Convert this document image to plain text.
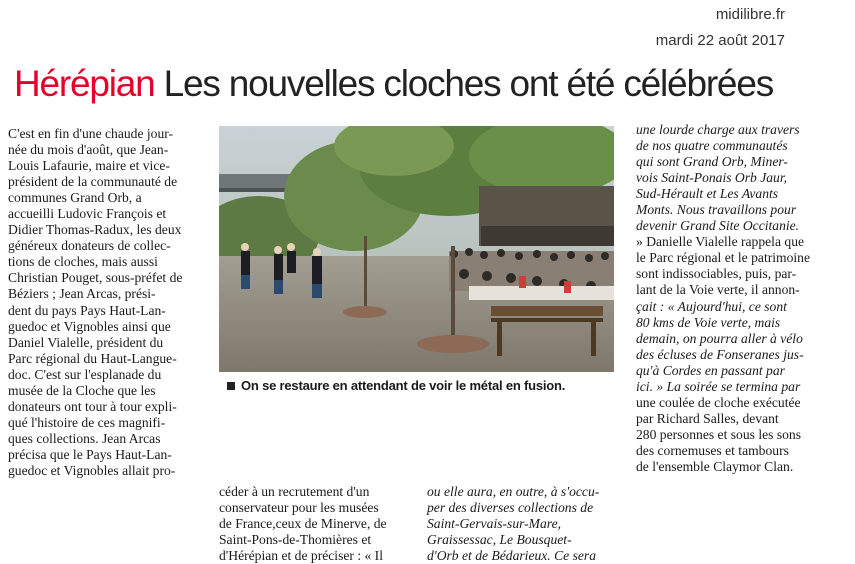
midilibre.fr
mardi 22 août 2017
Hérépian Les nouvelles cloches ont été célébrées
C'est en fin d'une chaude jour-
née du mois d'août, que Jean-
Louis Lafaurie, maire et vice-
président de la communauté de
communes Grand Orb, a
accueilli Ludovic François et
Didier Thomas-Radux, les deux
généreux donateurs de collec-
tions de cloches, mais aussi
Christian Pouget, sous-préfet de
Béziers ; Jean Arcas, prési-
dent du pays Pays Haut-Lan-
guedoc et Vignobles ainsi que
Daniel Vialelle, président du
Parc régional du Haut-Langue-
doc. C'est sur l'esplanade du
musée de la Cloche que les
donateurs ont tour à tour expli-
qué l'histoire de ces magnifi-
ques collections. Jean Arcas
précisa que le Pays Haut-Lan-
guedoc et Vignobles allait pro-
On se restaure en attendant de voir le métal en fusion.
céder à un recrutement d'un
conservateur pour les musées
de France,ceux de Minerve, de
Saint-Pons-de-Thomières et
d'Hérépian et de préciser : « Il
ou elle aura, en outre, à s'occu-
per des diverses collections de
Saint-Gervais-sur-Mare,
Graissessac, Le Bousquet-
d'Orb et de Bédarieux. Ce sera
une lourde charge aux travers
de nos quatre communautés
qui sont Grand Orb, Miner-
vois Saint-Ponais Orb Jaur,
Sud-Hérault et Les Avants
Monts. Nous travaillons pour
devenir Grand Site Occitanie.
» Danielle Vialelle rappela que
le Parc régional et le patrimoine
sont indissociables, puis, par-
lant de la Voie verte, il annon-
çait : « Aujourd'hui, ce sont
80 kms de Voie verte, mais
demain, on pourra aller à vélo
des écluses de Fonseranes jus-
qu'à Cordes en passant par
ici. » La soirée se termina par
une coulée de cloche exécutée
par Richard Salles, devant
280 personnes et sous les sons
des cornemuses et tambours
de l'ensemble Claymor Clan.
